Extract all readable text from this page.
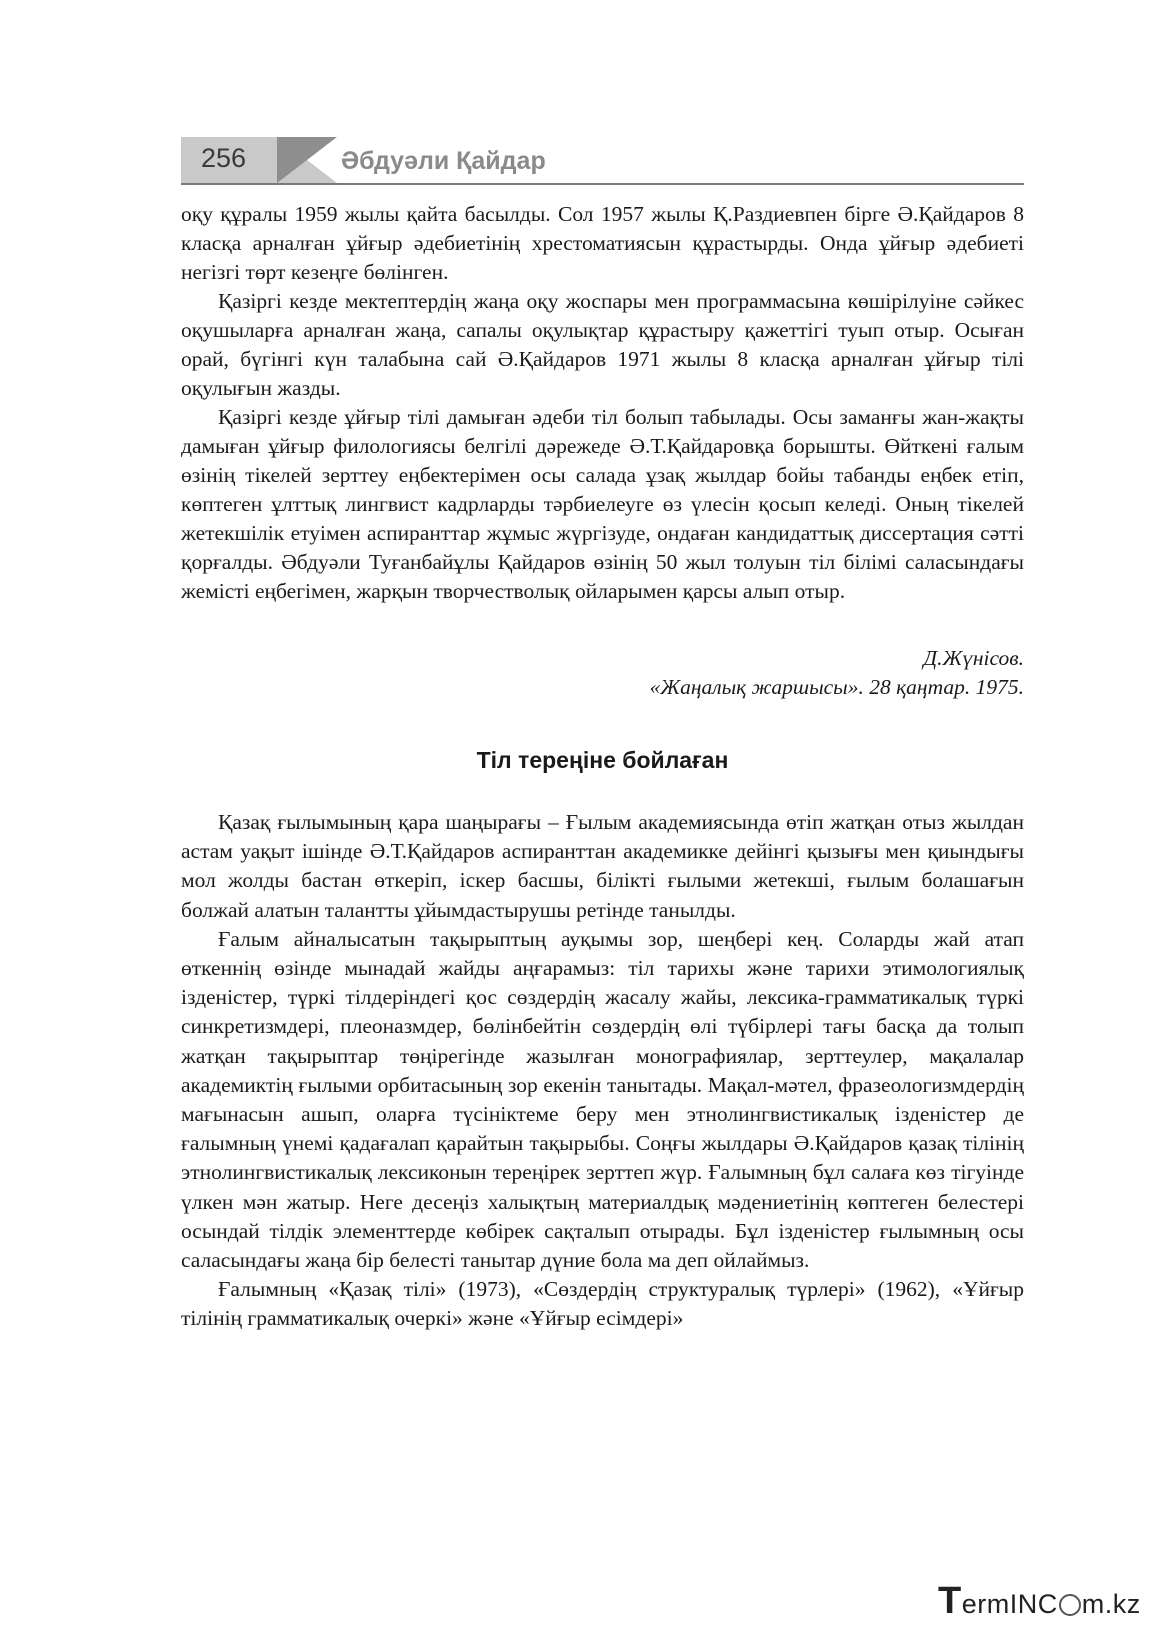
256	Әбдуәли Қайдар

оқу құралы 1959 жылы қайта басылды. Сол 1957 жылы Қ.Раздиевпен бірге Ә.Қайдаров 8 класқа арналған ұйғыр әдебиетінің хрестоматиясын құрастырды. Онда ұйғыр әдебиеті негізгі төрт кезеңге бөлінген.

Қазіргі кезде мектептердің жаңа оқу жоспары мен программасына көшірілуіне сәйкес оқушыларға арналған жаңа, сапалы оқулықтар құрастыру қажеттігі туып отыр. Осыған орай, бүгінгі күн талабына сай Ә.Қайдаров 1971 жылы 8 класқа арналған ұйғыр тілі оқулығын жазды.

Қазіргі кезде ұйғыр тілі дамыған әдеби тіл болып табылады. Осы заманғы жан-жақты дамыған ұйғыр филологиясы белгілі дәрежеде Ә.Т.Қайдаровқа борышты. Өйткені ғалым өзінің тікелей зерттеу еңбектерімен осы салада ұзақ жылдар бойы табанды еңбек етіп, көптеген ұлттық лингвист кадрларды тәрбиелеуге өз үлесін қосып келеді. Оның тікелей жетекшілік етуімен аспиранттар жұмыс жүргізуде, ондаған кандидаттық диссертация сәтті қорғалды. Әбдуәли Туғанбайұлы Қайдаров өзінің 50 жыл толуын тіл білімі саласындағы жемісті еңбегімен, жарқын творчестволық ойларымен қарсы алып отыр.

Д.Жүнісов.
«Жаңалық жаршысы». 28 қаңтар. 1975.
Тіл тереңіне бойлаған

Қазақ ғылымының қара шаңырағы – Ғылым академиясында өтіп жатқан отыз жылдан астам уақыт ішінде Ә.Т.Қайдаров аспиранттан академикке дейінгі қызығы мен қиындығы мол жолды бастан өткеріп, іскер басшы, білікті ғылыми жетекші, ғылым болашағын болжай алатын талантты ұйымдастырушы ретінде танылды.

Ғалым айналысатын тақырыптың ауқымы зор, шеңбері кең. Соларды жай атап өткеннің өзінде мынадай жайды аңғарамыз: тіл тарихы және тарихи этимологиялық ізденістер, түркі тілдеріндегі қос сөздердің жасалу жайы, лексика-грамматикалық түркі синкретизмдері, плеоназмдер, бөлінбейтін сөздердің өлі түбірлері тағы басқа да толып жатқан тақырыптар төңірегінде жазылған монографиялар, зерттеулер, мақалалар академиктің ғылыми орбитасының зор екенін танытады. Мақал-мәтел, фразеологизмдердің мағынасын ашып, оларға түсініктеме беру мен этнолингвистикалық ізденістер де ғалымның үнемі қадағалап қарайтын тақырыбы. Соңғы жылдары Ә.Қайдаров қазақ тілінің этнолингвистикалық лексиконын тереңірек зерттеп жүр. Ғалымның бұл салаға көз тігуінде үлкен мән жатыр. Неге десеңіз халықтың материалдық мәдениетінің көптеген белестері осындай тілдік элементтерде көбірек сақталып отырады. Бұл ізденістер ғылымның осы саласындағы жаңа бір белесті танытар дүние бола ма деп ойлаймыз.

Ғалымның «Қазақ тілі» (1973), «Сөздердің структуралық түрлері» (1962), «Ұйғыр тілінің грамматикалық очеркі» және «Ұйғыр есімдері»

TermINC m.kz
